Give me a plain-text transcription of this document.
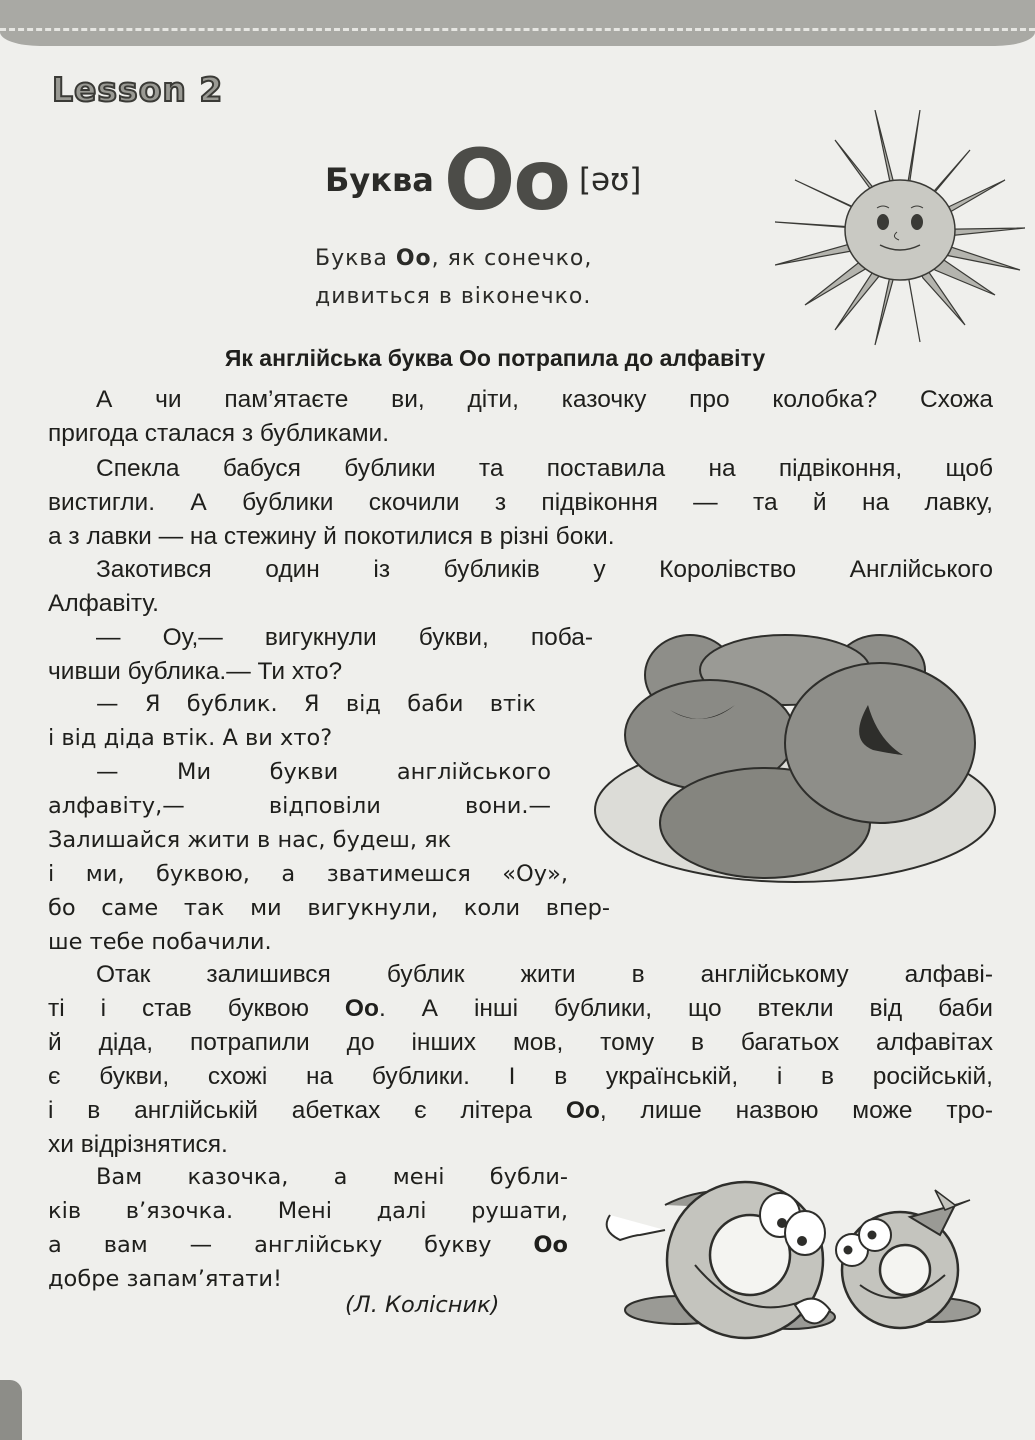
Lesson 2
Буква Oo [əʊ]
Буква Oo, як сонечко,
дивиться в віконечко.
Як англійська буква Oo потрапила до алфавіту
А чи пам’ятаєте ви, діти, казочку про колобка? Схожа
пригода сталася з бубликами.
Спекла бабуся бублики та поставила на підвіконня, щоб
вистигли. А бублики скочили з підвіконня — та й на лавку,
а з лавки — на стежину й покотилися в різні боки.
Закотився один із бубликів у Королівство Англійського
Алфавіту.
— Оу,— вигукнули букви, поба-
чивши бублика.— Ти хто?
— Я бублик. Я від баби втік
і від діда втік. А ви хто?
— Ми букви англійського
алфавіту,— відповіли вони.—
Залишайся жити в нас, будеш, як
і ми, буквою, а зватимешся «Оу»,
бо саме так ми вигукнули, коли впер-
ше тебе побачили.
Отак залишився бублик жити в англійському алфаві-
ті і став буквою Oo. А інші бублики, що втекли від баби
й діда, потрапили до інших мов, тому в багатьох алфавітах
є букви, схожі на бублики. І в українській, і в російській,
і в англійській абетках є літера Oo, лише назвою може тро-
хи відрізнятися.
Вам казочка, а мені бубли-
ків в’язочка. Мені далі рушати,
а вам — англійську букву Oo
добре запам’ятати!
(Л. Колісник)
